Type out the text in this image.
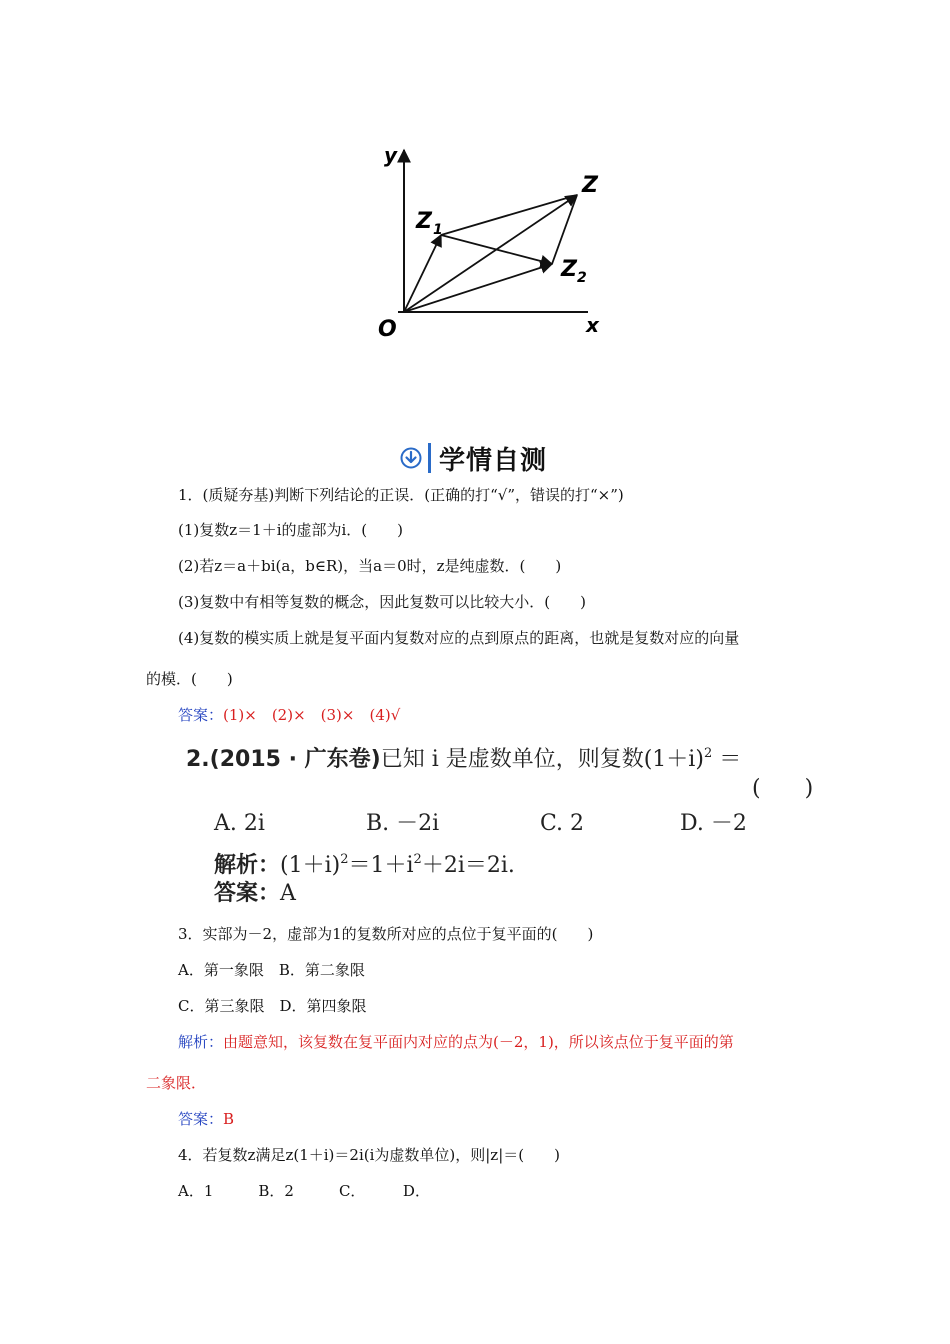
y
x
O
Z
Z 1
Z 2
学情自测
1．(质疑夯基)判断下列结论的正误．(正确的打“√”，错误的打“×”)
(1)复数z＝1＋i的虚部为i．(　　)
(2)若z＝a＋bi(a，b∈R)，当a＝0时，z是纯虚数．(　　)
(3)复数中有相等复数的概念，因此复数可以比较大小．(　　)
(4)复数的模实质上就是复平面内复数对应的点到原点的距离，也就是复数对应的向量
的模．(　　)
答案：(1)×　(2)×　(3)×　(4)√
2.(2015 · 广东卷)已知 i 是虚数单位，则复数$(1+i)^2$ ＝
(　　)
A. 2i	B. －2i	C. 2	D. －2
解析：$(1+i)^2=1+i^2+2i=2i$.
答案：A
3．实部为－2，虚部为1的复数所对应的点位于复平面的(　　)
A．第一象限　B．第二象限
C．第三象限　D．第四象限
解析：由题意知，该复数在复平面内对应的点为(－2，1)，所以该点位于复平面的第
二象限．
答案：B
4．若复数z满足z(1＋i)＝2i(i为虚数单位)，则|z|＝(　　)
A．1　　　B．2　　　C．　　　D．
